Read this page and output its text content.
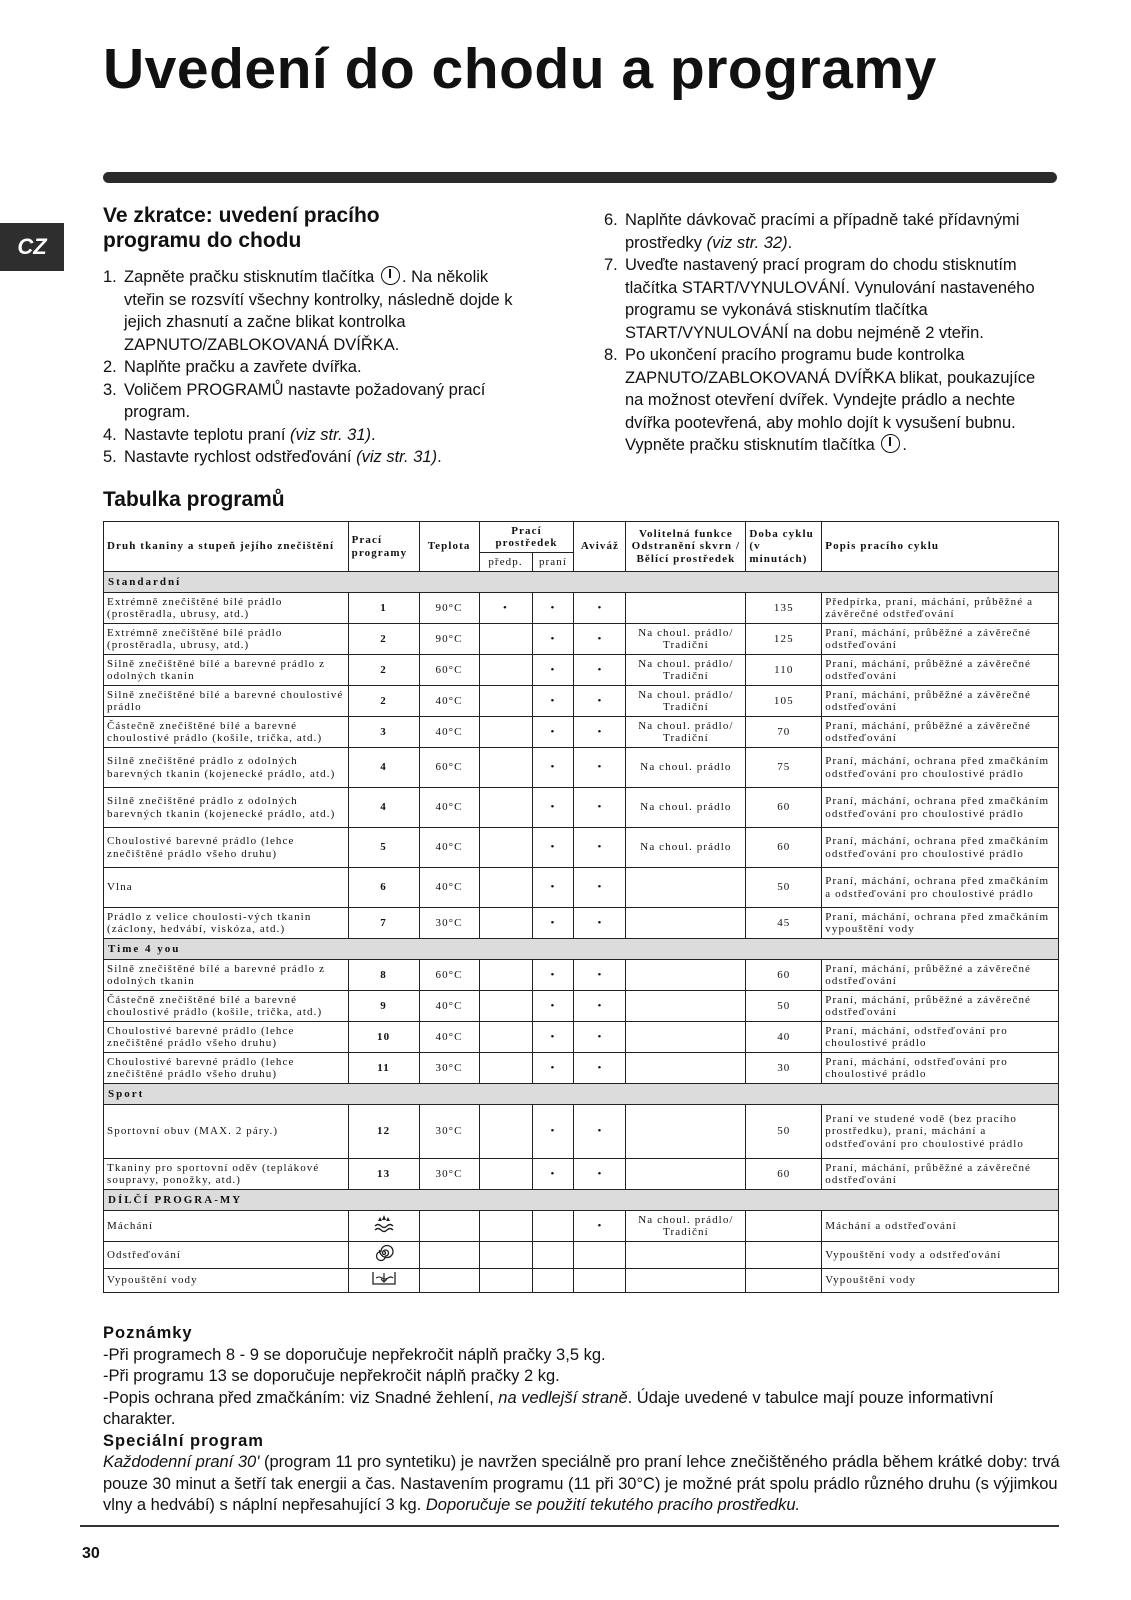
Uvedení do chodu a programy
CZ
Ve zkratce: uvedení pracího
programu do chodu
1. Zapněte pračku stisknutím tlačítka . Na několik vteřin se rozsvítí všechny kontrolky, následně dojde k jejich zhasnutí a začne blikat kontrolka ZAPNUTO/ZABLOKOVANÁ DVÍŘKA.
2. Naplňte pračku a zavřete dvířka.
3. Voličem PROGRAMŮ nastavte požadovaný prací program.
4. Nastavte teplotu praní (viz str. 31).
5. Nastavte rychlost odstřeďování (viz str. 31).
6. Naplňte dávkovač pracími a případně také přídavnými prostředky (viz str. 32).
7. Uveďte nastavený prací program do chodu stisknutím tlačítka START/VYNULOVÁNÍ. Vynulování nastaveného programu se vykonává stisknutím tlačítka START/VYNULOVÁNÍ na dobu nejméně 2 vteřin.
8. Po ukončení pracího programu bude kontrolka ZAPNUTO/ZABLOKOVANÁ DVÍŘKA blikat, poukazujíce na možnost otevření dvířek. Vyndejte prádlo a nechte dvířka pootevřená, aby mohlo dojít k vysušení bubnu. Vypněte pračku stisknutím tlačítka .
Tabulka programů
Druh tkaniny a stupeň jejího znečištění	Prací programy	Teplota	Prací prostředek		Aviváž	Volitelná funkce Odstranění skvrn / Bělící prostředek	Doba cyklu (v minutách)	Popis pracího cyklu
			předp.	praní				
Standardní								
Extrémně znečištěné bílé prádlo (prostěradla, ubrusy, atd.)	1	90°C	•	•	•		135	Předpírka, praní, máchání, průběžné a závěrečné odstřeďování
Extrémně znečištěné bílé prádlo (prostěradla, ubrusy, atd.)	2	90°C		•	•	Na choul. prádlo/ Tradiční	125	Praní, máchání, průběžné a závěrečné odstřeďování
Silně znečištěné bílé a barevné prádlo z odolných tkanin	2	60°C		•	•	Na choul. prádlo/ Tradiční	110	Praní, máchání, průběžné a závěrečné odstřeďování
Silně znečištěné bílé a barevné choulostivé prádlo	2	40°C		•	•	Na choul. prádlo/ Tradiční	105	Praní, máchání, průběžné a závěrečné odstřeďování
Částečně znečištěné bílé a barevné choulostivé prádlo (košile, trička, atd.)	3	40°C		•	•	Na choul. prádlo/ Tradiční	70	Praní, máchání, průběžné a závěrečné odstřeďování
Silně znečištěné prádlo z odolných barevných tkanin (kojenecké prádlo, atd.)	4	60°C		•	•	Na choul. prádlo	75	Praní, máchání, ochrana před zmačkáním odstřeďování pro choulostivé prádlo
Silně znečištěné prádlo z odolných barevných tkanin (kojenecké prádlo, atd.)	4	40°C		•	•	Na choul. prádlo	60	Praní, máchání, ochrana před zmačkáním odstřeďování pro choulostivé prádlo
Choulostivé barevné prádlo (lehce znečištěné prádlo všeho druhu)	5	40°C		•	•	Na choul. prádlo	60	Praní, máchání, ochrana před zmačkáním odstřeďování pro choulostivé prádlo
Vlna	6	40°C		•	•		50	Praní, máchání, ochrana před zmačkáním a odstřeďování pro choulostivé prádlo
Prádlo z velice choulosti-vých tkanin (záclony, hedvábí, viskóza, atd.)	7	30°C		•	•		45	Praní, máchání, ochrana před zmačkáním vypouštění vody
Time 4 you								
Silně znečištěné bílé a barevné prádlo z odolných tkanin	8	60°C		•	•		60	Praní, máchání, průběžné a závěrečné odstřeďování
Částečně znečištěné bílé a barevné choulostivé prádlo (košile, trička, atd.)	9	40°C		•	•		50	Praní, máchání, průběžné a závěrečné odstřeďování
Choulostivé barevné prádlo (lehce znečištěné prádlo všeho druhu)	10	40°C		•	•		40	Praní, máchání, odstřeďování pro choulostivé prádlo
Choulostivé barevné prádlo (lehce znečištěné prádlo všeho druhu)	11	30°C		•	•		30	Praní, máchání, odstřeďování pro choulostivé prádlo
Sport								
Sportovní obuv (MAX. 2 páry.)	12	30°C		•	•		50	Praní ve studené vodě (bez pracího prostředku), praní, máchání a odstřeďování pro choulostivé prádlo
Tkaniny pro sportovní oděv (teplákové soupravy, ponožky, atd.)	13	30°C		•	•		60	Praní, máchání, průběžné a závěrečné odstřeďování
DÍLČÍ PROGRA-MY								
Máchání					•	Na choul. prádlo/ Tradiční		Máchání a odstřeďování
Odstřeďování								Vypouštění vody a odstřeďování
Vypouštění vody								Vypouštění vody

Poznámky

-Při programech 8 - 9 se doporučuje nepřekročit náplň pračky 3,5 kg.

-Při programu 13 se doporučuje nepřekročit náplň pračky 2 kg.

-Popis ochrana před zmačkáním: viz Snadné žehlení, na vedlejší straně. Údaje uvedené v tabulce mají pouze informativní charakter.

Speciální program

Každodenní praní 30' (program 11 pro syntetiku) je navržen speciálně pro praní lehce znečištěného prádla během krátké doby: trvá pouze 30 minut a šetří tak energii a čas. Nastavením programu (11 při 30°C) je možné prát spolu prádlo různého druhu (s výjimkou vlny a hedvábí) s náplní nepřesahující 3 kg. Doporučuje se použití tekutého pracího prostředku.

30
